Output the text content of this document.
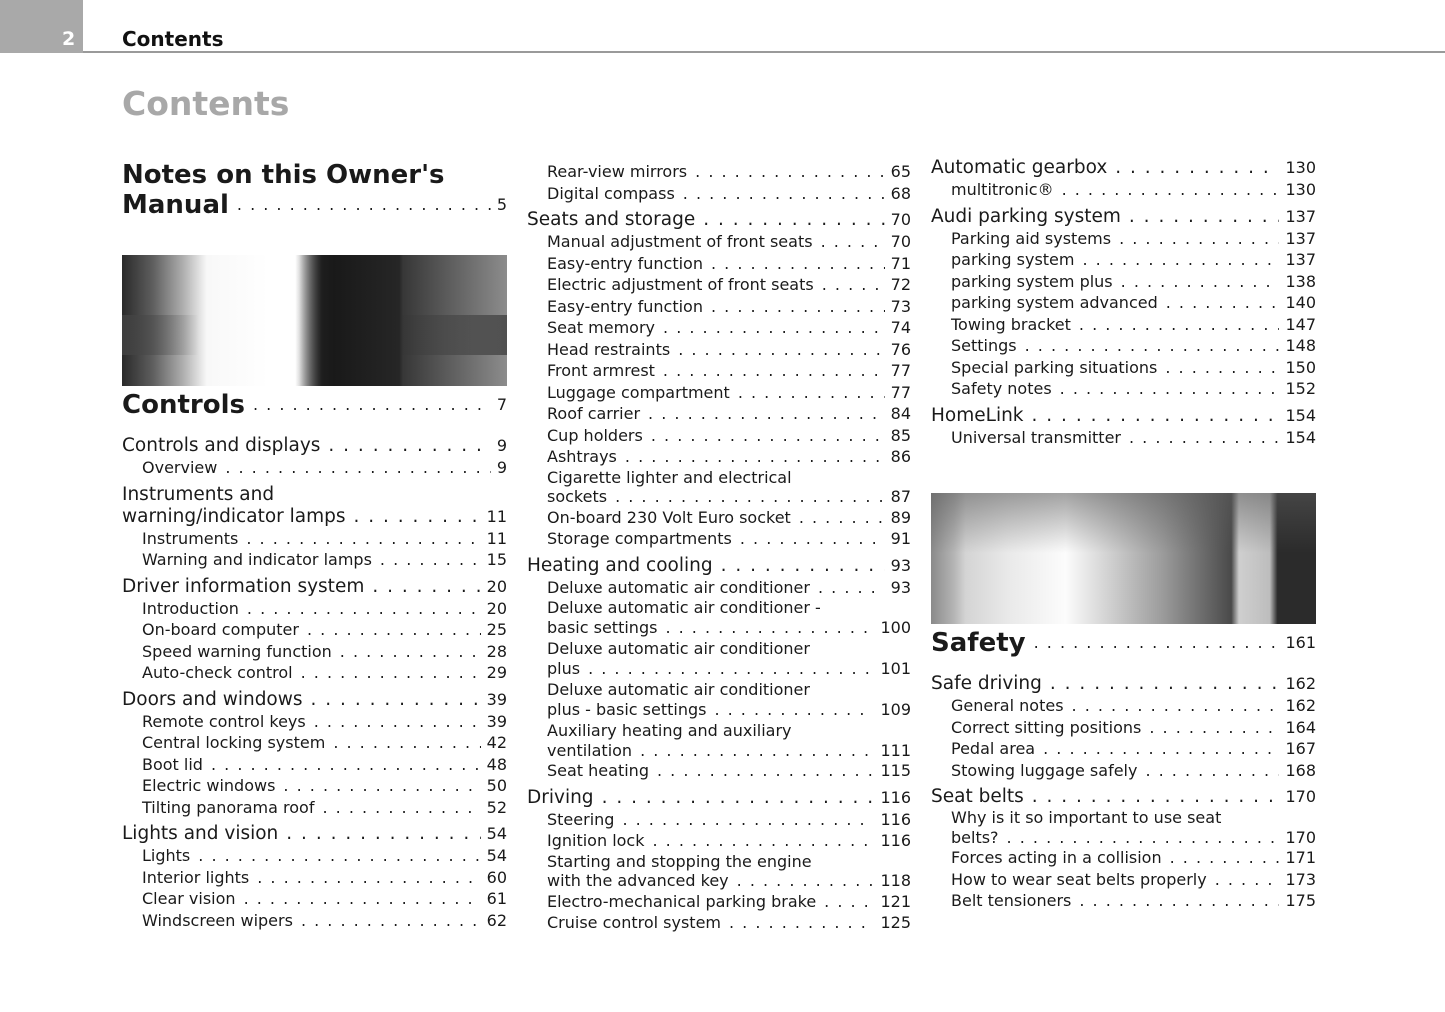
2 Contents
Contents
Notes on this Owner's
Manual . . .	5
Controls . . .	7
Controls and displays . . .	9
Overview . . .	9
Instruments and
warning/indicator lamps . . .	11
Instruments . . .	11
Warning and indicator lamps . . .	15
Driver information system . . .	20
Introduction . . .	20
On-board computer . . .	25
Speed warning function . . .	28
Auto-check control . . .	29
Doors and windows . . .	39
Remote control keys . . .	39
Central locking system . . .	42
Boot lid . . .	48
Electric windows . . .	50
Tilting panorama roof . . .	52
Lights and vision . . .	54
Lights . . .	54
Interior lights . . .	60
Clear vision . . .	61
Windscreen wipers . . .	62
Rear-view mirrors . . .	65
Digital compass . . .	68
Seats and storage . . .	70
Manual adjustment of front seats . . .	70
Easy-entry function . . .	71
Electric adjustment of front seats . . .	72
Easy-entry function . . .	73
Seat memory . . .	74
Head restraints . . .	76
Front armrest . . .	77
Luggage compartment . . .	77
Roof carrier . . .	84
Cup holders . . .	85
Ashtrays . . .	86
Cigarette lighter and electrical
sockets . . .	87
On-board 230 Volt Euro socket . . .	89
Storage compartments . . .	91
Heating and cooling . . .	93
Deluxe automatic air conditioner . . .	93
Deluxe automatic air conditioner -
basic settings . . .	100
Deluxe automatic air conditioner
plus . . .	101
Deluxe automatic air conditioner
plus - basic settings . . .	109
Auxiliary heating and auxiliary
ventilation . . .	111
Seat heating . . .	115
Driving . . .	116
Steering . . .	116
Ignition lock . . .	116
Starting and stopping the engine
with the advanced key . . .	118
Electro-mechanical parking brake . . .	121
Cruise control system . . .	125
Automatic gearbox . . .	130
multitronic® . . .	130
Audi parking system . . .	137
Parking aid systems . . .	137
parking system . . .	137
parking system plus . . .	138
parking system advanced . . .	140
Towing bracket . . .	147
Settings . . .	148
Special parking situations . . .	150
Safety notes . . .	152
HomeLink . . .	154
Universal transmitter . . .	154
Safety . . .	161
Safe driving . . .	162
General notes . . .	162
Correct sitting positions . . .	164
Pedal area . . .	167
Stowing luggage safely . . .	168
Seat belts . . .	170
Why is it so important to use seat
belts? . . .	170
Forces acting in a collision . . .	171
How to wear seat belts properly . . .	173
Belt tensioners . . .	175
